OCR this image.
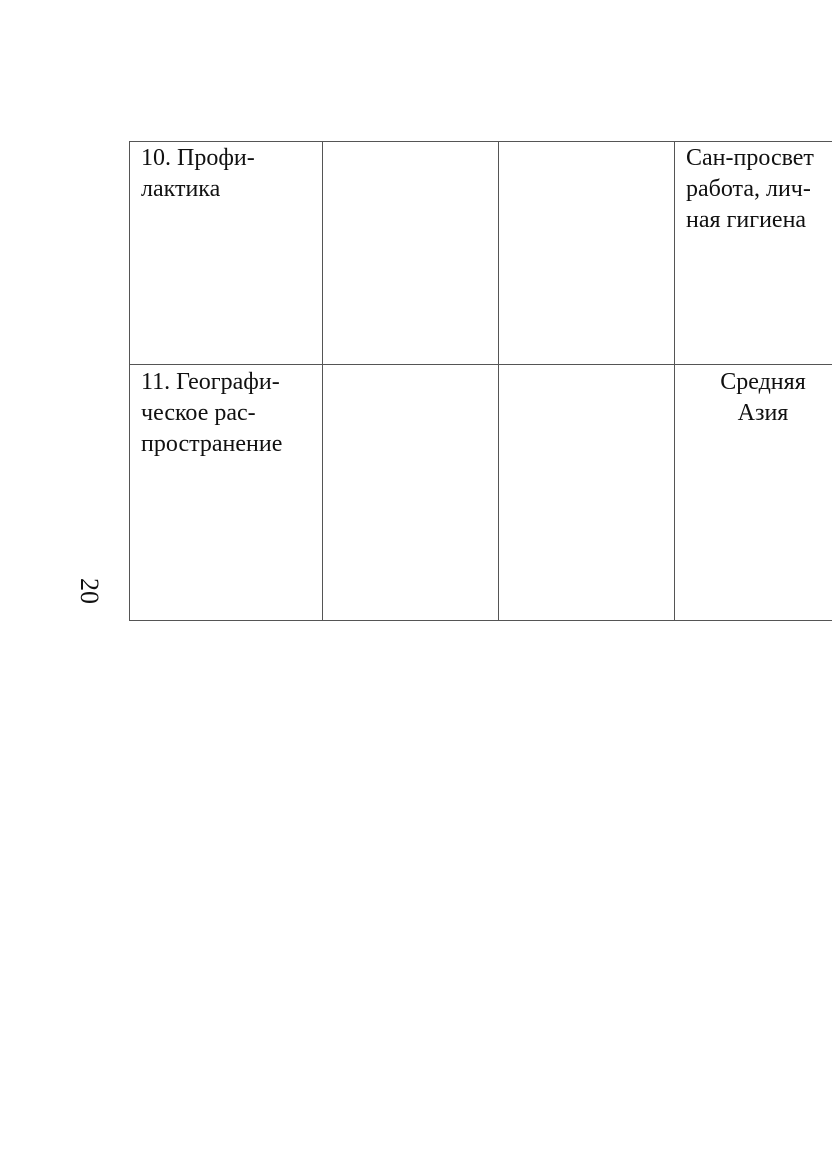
20
10. Профи-
лактика
Сан-просвет
работа, лич-
ная гигиена
11. Географи-
ческое рас-
пространение
Средняя
Азия
